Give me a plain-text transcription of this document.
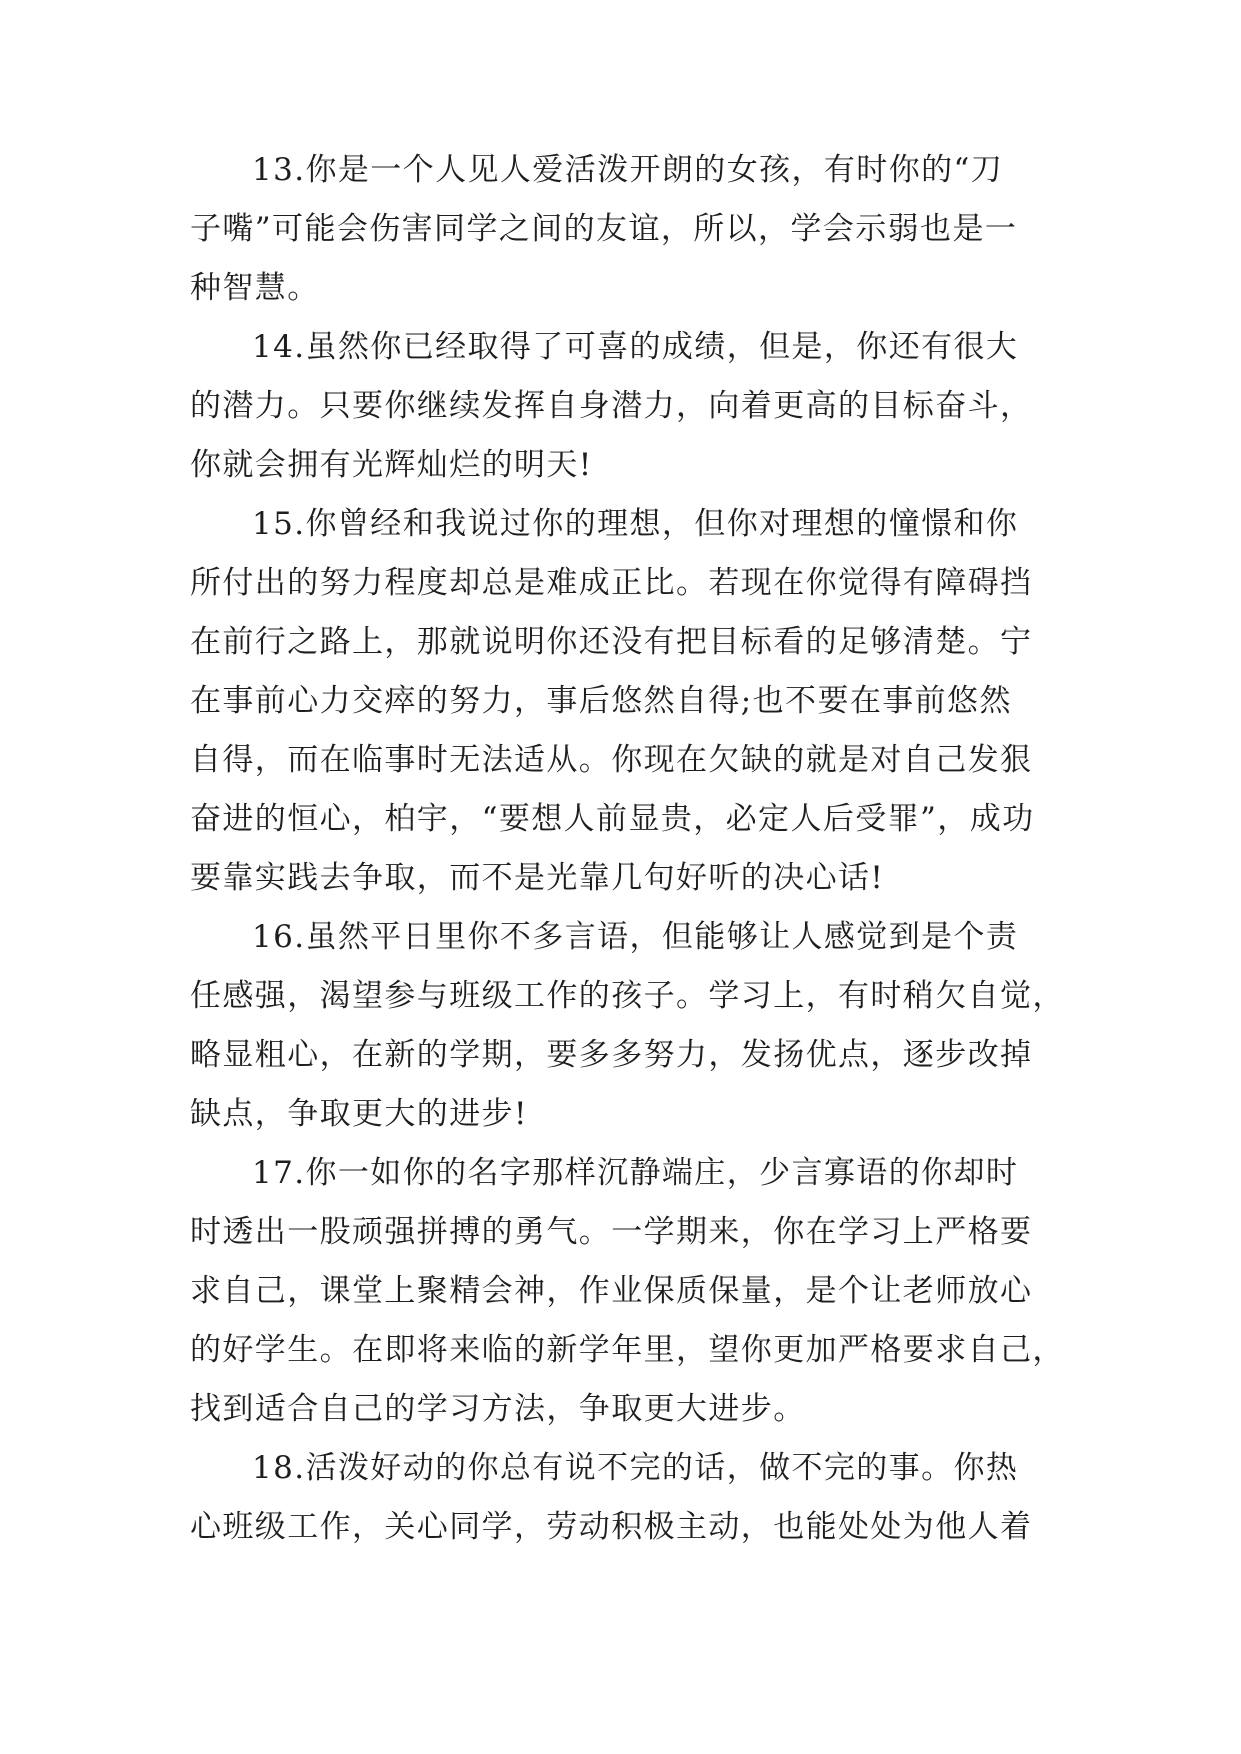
13.你是一个人见人爱活泼开朗的女孩，有时你的“刀
子嘴”可能会伤害同学之间的友谊，所以，学会示弱也是一
种智慧。
14.虽然你已经取得了可喜的成绩，但是，你还有很大
的潜力。只要你继续发挥自身潜力，向着更高的目标奋斗，
你就会拥有光辉灿烂的明天!
15.你曾经和我说过你的理想，但你对理想的憧憬和你
所付出的努力程度却总是难成正比。若现在你觉得有障碍挡
在前行之路上，那就说明你还没有把目标看的足够清楚。宁
在事前心力交瘁的努力，事后悠然自得;也不要在事前悠然
自得，而在临事时无法适从。你现在欠缺的就是对自己发狠
奋进的恒心，柏宇，“要想人前显贵，必定人后受罪”，成功
要靠实践去争取，而不是光靠几句好听的决心话!
16.虽然平日里你不多言语，但能够让人感觉到是个责
任感强，渴望参与班级工作的孩子。学习上，有时稍欠自觉，
略显粗心，在新的学期，要多多努力，发扬优点，逐步改掉
缺点，争取更大的进步!
17.你一如你的名字那样沉静端庄，少言寡语的你却时
时透出一股顽强拼搏的勇气。一学期来，你在学习上严格要
求自己，课堂上聚精会神，作业保质保量，是个让老师放心
的好学生。在即将来临的新学年里，望你更加严格要求自己，
找到适合自己的学习方法，争取更大进步。
18.活泼好动的你总有说不完的话，做不完的事。你热
心班级工作，关心同学，劳动积极主动，也能处处为他人着
